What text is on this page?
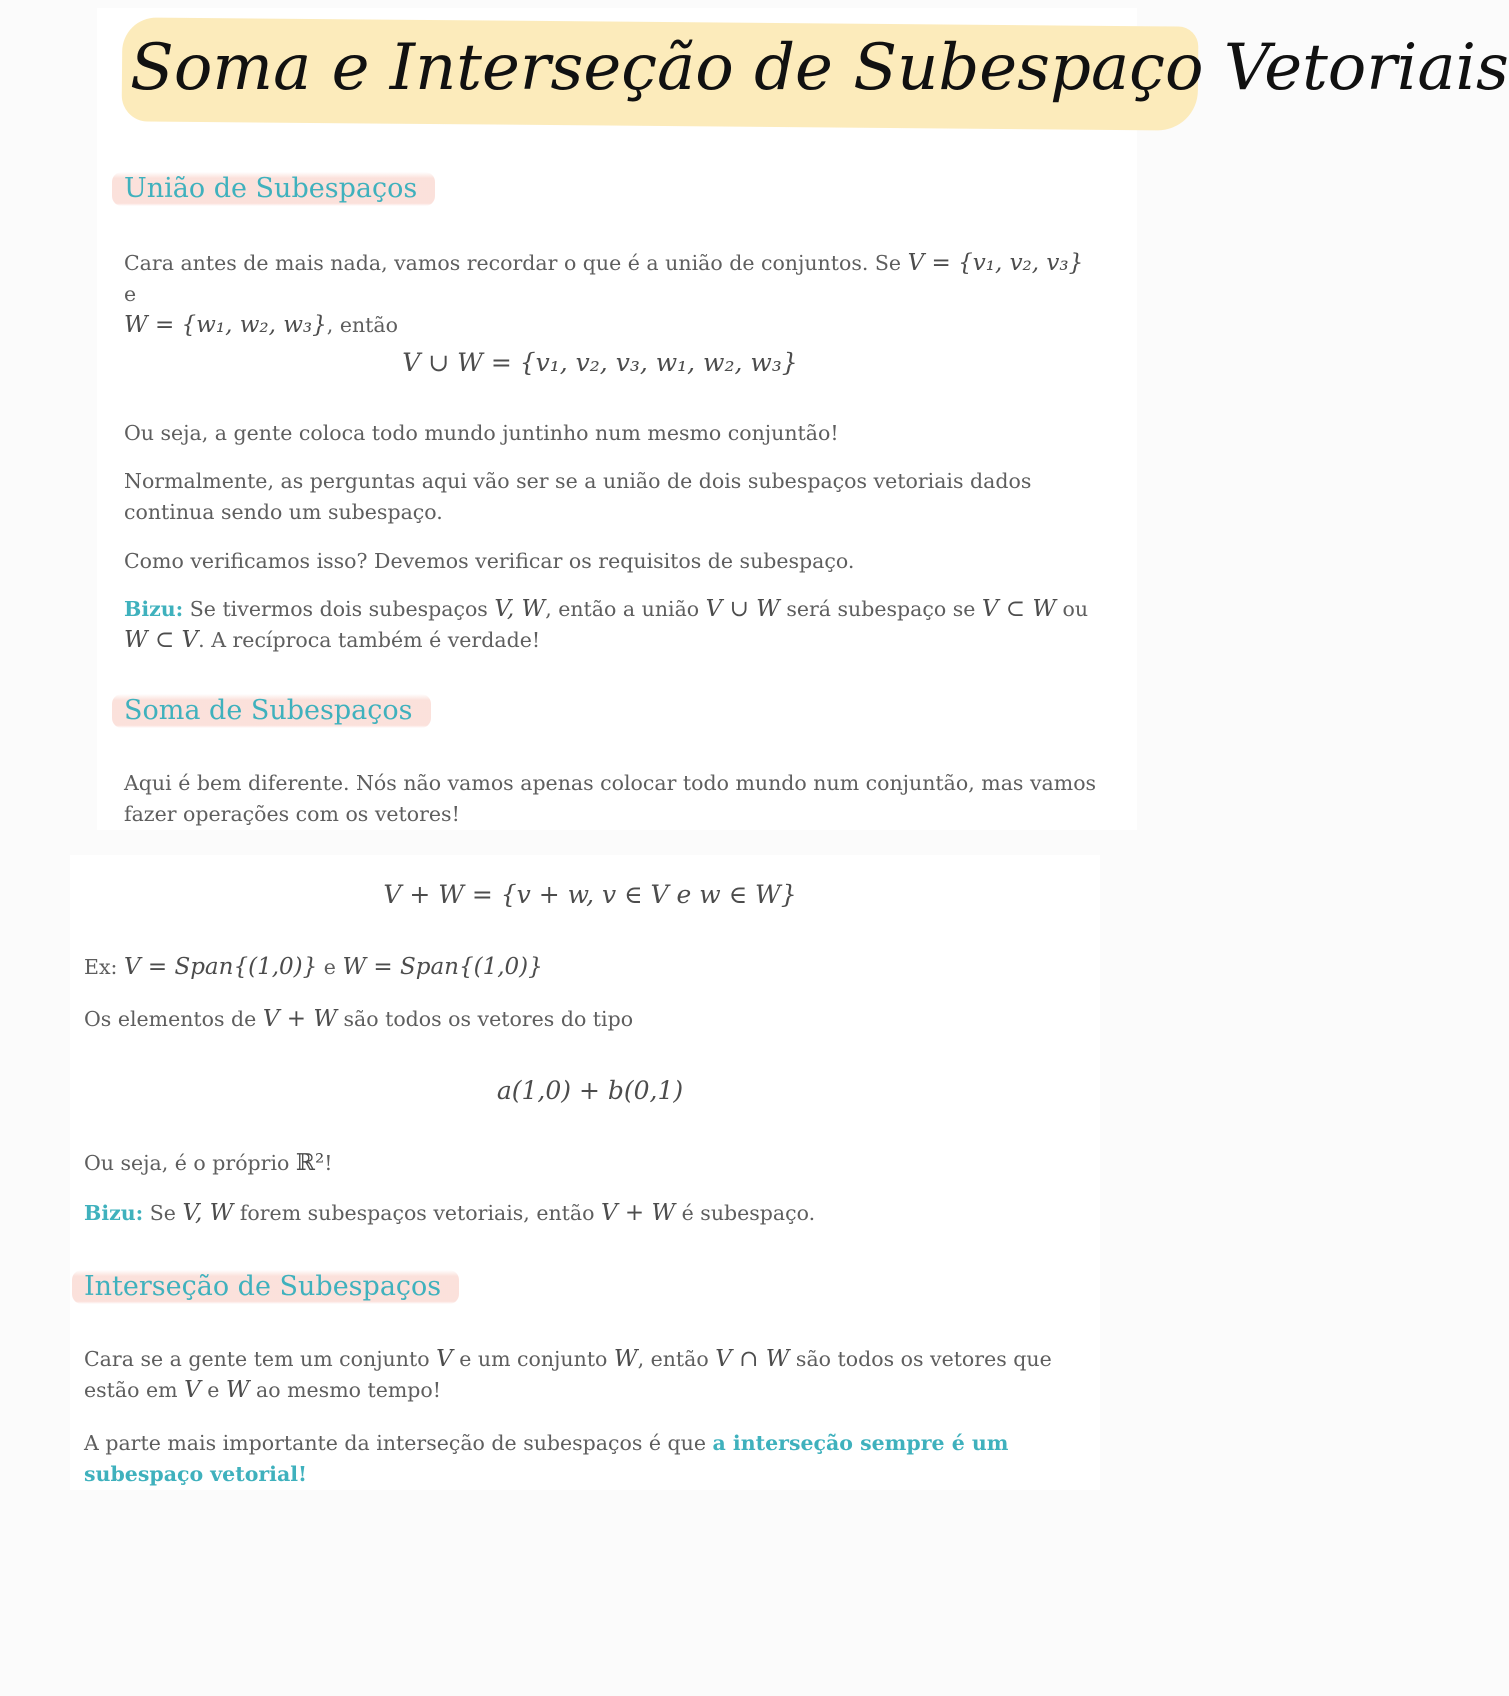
Soma e Interseção de Subespaço Vetoriais
União de Subespaços
Cara antes de mais nada, vamos recordar o que é a união de conjuntos. Se V = {v₁, v₂, v₃} e
W = {w₁, w₂, w₃}, então
V ∪ W = {v₁, v₂, v₃, w₁, w₂, w₃}
Ou seja, a gente coloca todo mundo juntinho num mesmo conjuntão!
Normalmente, as perguntas aqui vão ser se a união de dois subespaços vetoriais dados continua sendo um subespaço.
Como verificamos isso? Devemos verificar os requisitos de subespaço.
Bizu: Se tivermos dois subespaços V, W, então a união V ∪ W será subespaço se V ⊂ W ou
W ⊂ V. A recíproca também é verdade!
Soma de Subespaços
Aqui é bem diferente. Nós não vamos apenas colocar todo mundo num conjuntão, mas vamos fazer operações com os vetores!
V + W = {v + w, v ∈ V e w ∈ W}
Ex: V = Span{(1,0)} e W = Span{(1,0)}
Os elementos de V + W são todos os vetores do tipo
a(1,0) + b(0,1)
Ou seja, é o próprio ℝ²!
Bizu: Se V, W forem subespaços vetoriais, então V + W é subespaço.
Interseção de Subespaços
Cara se a gente tem um conjunto V e um conjunto W, então V ∩ W são todos os vetores que estão em V e W ao mesmo tempo!
A parte mais importante da interseção de subespaços é que a interseção sempre é um subespaço vetorial!
